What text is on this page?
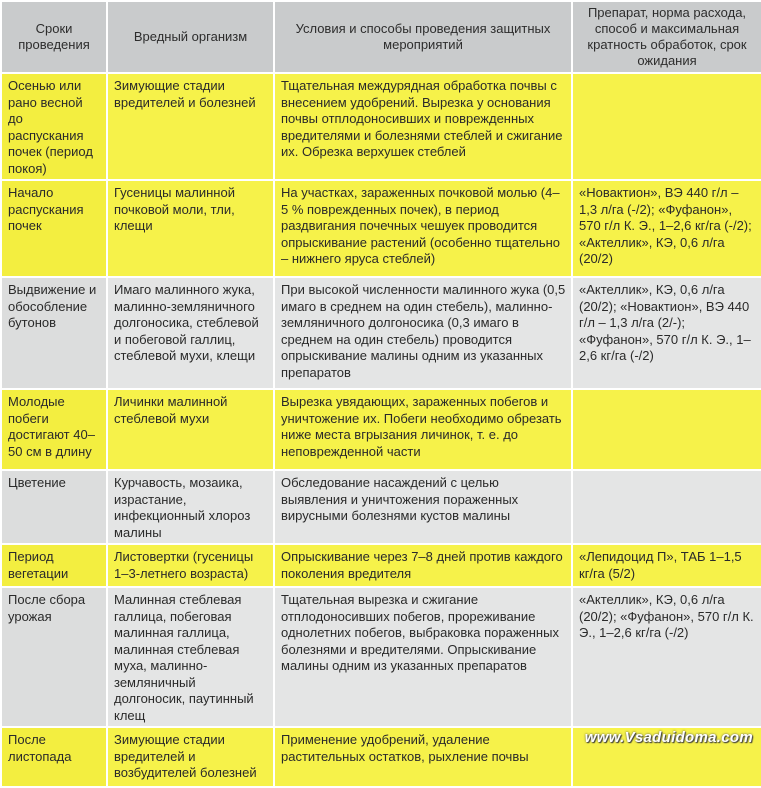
Сроки проведения	Вредный организм	Условия и способы проведения защитных мероприятий	Препарат, норма расхода, способ и максимальная кратность обработок, срок ожидания
Осенью или рано весной до распускания почек (период покоя)	Зимующие стадии вредителей и болезней	Тщательная междурядная обработка почвы с внесением удобрений. Вырезка у основания почвы отплодоносивших и поврежденных вредителями и болезнями стеблей и сжигание их. Обрезка верхушек стеблей	
Начало распускания почек	Гусеницы малинной почковой моли, тли, клещи	На участках, зараженных почковой молью (4–5 % поврежденных почек), в период раздвигания почечных чешуек проводится опрыскивание растений (особенно тщательно – нижнего яруса стеблей)	«Новактион», ВЭ 440 г/л – 1,3 л/га (-/2); «Фуфанон», 570 г/л К. Э., 1–2,6 кг/га (-/2); «Актеллик», КЭ, 0,6 л/га (20/2)
Выдвижение и обособление бутонов	Имаго малинного жука, малинно-земляничного долгоносика, стеблевой и побеговой галлиц, стеблевой мухи, клещи	При высокой численности малинного жука (0,5 имаго в среднем на один стебель), малинно-земляничного долгоносика (0,3 имаго в среднем на один стебель) проводится опрыскивание малины одним из указанных препаратов	«Актеллик», КЭ, 0,6 л/га (20/2); «Новактион», ВЭ 440 г/л – 1,3 л/га (2/-); «Фуфанон», 570 г/л К. Э., 1–2,6 кг/га (-/2)
Молодые побеги достигают 40–50 см в длину	Личинки малинной стеблевой мухи	Вырезка увядающих, зараженных побегов и уничтожение их. Побеги необходимо обрезать ниже места вгрызания личинок, т. е. до неповрежденной части	
Цветение	Курчавость, мозаика, израстание, инфекционный хлороз малины	Обследование насаждений с целью выявления и уничтожения пораженных вирусными болезнями кустов малины	
Период вегетации	Листовертки (гусеницы 1–3-летнего возраста)	Опрыскивание через 7–8 дней против каждого поколения вредителя	«Лепидоцид П», ТАБ 1–1,5 кг/га (5/2)
После сбора урожая	Малинная стеблевая галлица, побеговая малинная галлица, малинная стеблевая муха, малинно-земляничный долгоносик, паутинный клещ	Тщательная вырезка и сжигание отплодоносивших побегов, прореживание однолетних побегов, выбраковка пораженных болезнями и вредителями. Опрыскивание малины одним из указанных препаратов	«Актеллик», КЭ, 0,6 л/га (20/2); «Фуфанон», 570 г/л К. Э., 1–2,6 кг/га (-/2)
После листопада	Зимующие стадии вредителей и возбудителей болезней	Применение удобрений, удаление растительных остатков, рыхление почвы	
www.Vsaduidoma.com
